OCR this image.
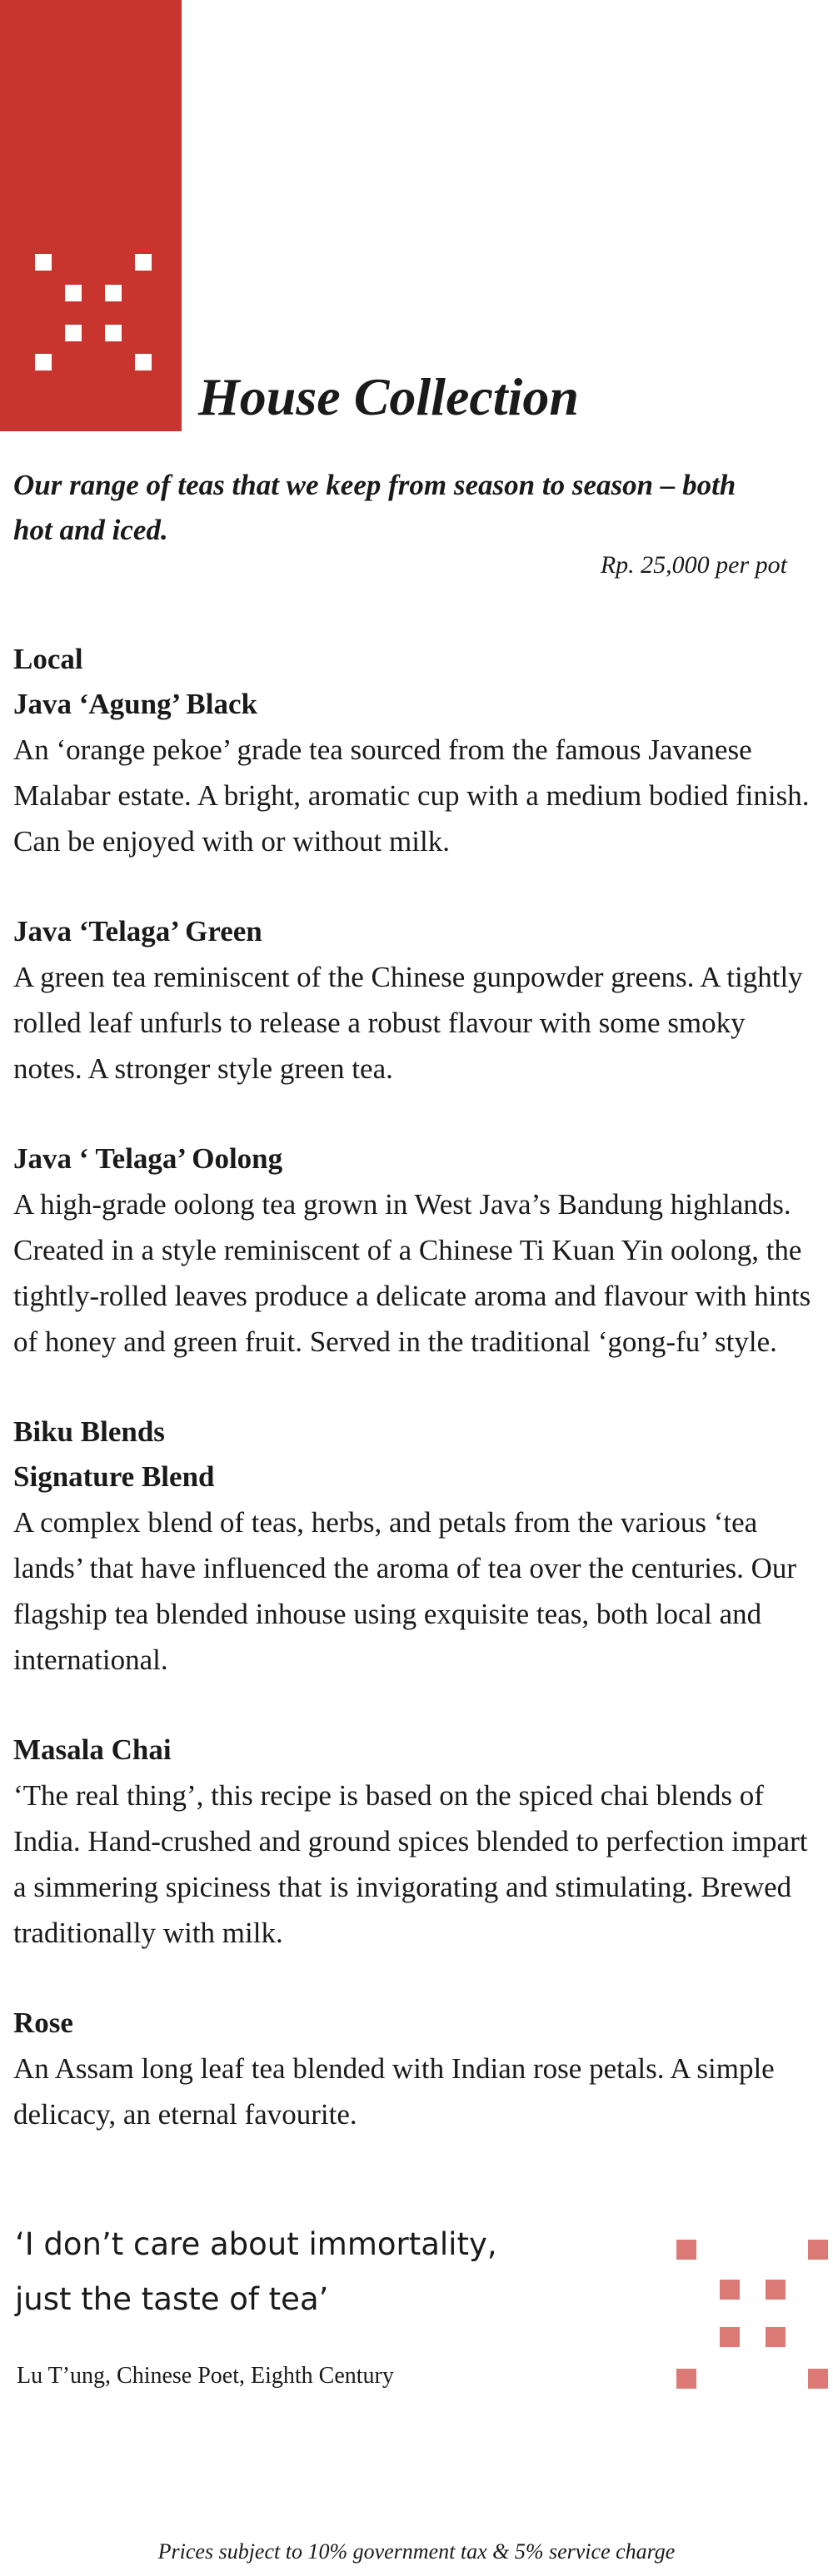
House Collection
Our range of teas that we keep from season to season – both hot and iced.
Rp. 25,000 per pot

Local

Java ‘Agung’ Black

An ‘orange pekoe’ grade tea sourced from the famous Javanese Malabar estate. A bright, aromatic cup with a medium bodied finish. Can be enjoyed with or without milk.

Java ‘Telaga’ Green

A green tea reminiscent of the Chinese gunpowder greens. A tightly rolled leaf unfurls to release a robust flavour with some smoky notes. A stronger style green tea.

Java ‘ Telaga’ Oolong

A high-grade oolong tea grown in West Java’s Bandung highlands. Created in a style reminiscent of a Chinese Ti Kuan Yin oolong, the tightly-rolled leaves produce a delicate aroma and flavour with hints of honey and green fruit. Served in the traditional ‘gong-fu’ style.

Biku Blends

Signature Blend

A complex blend of teas, herbs, and petals from the various ‘tea lands’ that have influenced the aroma of tea over the centuries. Our flagship tea blended inhouse using exquisite teas, both local and international.

Masala Chai

‘The real thing’, this recipe is based on the spiced chai blends of India. Hand-crushed and ground spices blended to perfection impart a simmering spiciness that is invigorating and stimulating. Brewed traditionally with milk.

Rose

An Assam long leaf tea blended with Indian rose petals. A simple delicacy, an eternal favourite.

‘I don’t care about immortality,
just the taste of tea’
Lu T’ung, Chinese Poet, Eighth Century
Prices subject to 10% government tax & 5% service charge
